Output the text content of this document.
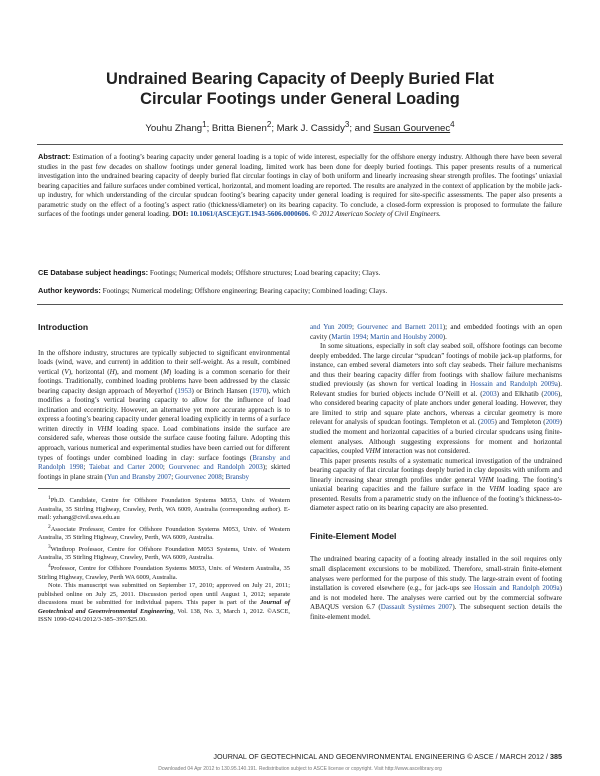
Undrained Bearing Capacity of Deeply Buried Flat
Circular Footings under General Loading
Youhu Zhang$^1$; Britta Bienen$^2$; Mark J. Cassidy$^3$; and Susan Gourvenec$^4$
Abstract: Estimation of a footing’s bearing capacity under general loading is a topic of wide interest, especially for the offshore energy industry. Although there have been several studies in the past few decades on shallow footings under general loading, limited work has been done for deeply buried footings. This paper presents results of a numerical investigation into the undrained bearing capacity of deeply buried flat circular footings in clay of both uniform and linearly increasing shear strength profiles. The footings’ uniaxial bearing capacities and failure surfaces under combined vertical, horizontal, and moment loading are reported. The results are analyzed in the context of application by the mobile jack-up industry, for which understanding of the circular spudcan footing’s bearing capacity under general loading is required for site-specific assessments. The paper also presents a parametric study on the effect of a footing’s aspect ratio (thickness/diameter) on its bearing capacity. To conclude, a closed-form expression is proposed to formulate the failure surfaces of the footings under general loading. DOI: 10.1061/(ASCE)GT.1943-5606.0000606. © 2012 American Society of Civil Engineers.
CE Database subject headings: Footings; Numerical models; Offshore structures; Load bearing capacity; Clays.
Author keywords: Footings; Numerical modeling; Offshore engineering; Bearing capacity; Combined loading; Clays.
Introduction

In the offshore industry, structures are typically subjected to significant environmental loads (wind, wave, and current) in addition to their self-weight. As a result, combined vertical (V), horizontal (H), and moment (M) loading is a common scenario for their footings. Traditionally, combined loading problems have been addressed by the classic bearing capacity design approach of Meyerhof (1953) or Brinch Hansen (1970), which modifies a footing’s vertical bearing capacity to allow for the influence of load inclination and eccentricity. However, an alternative yet more accurate approach is to express a footing’s bearing capacity under general loading explicitly in terms of a surface written directly in VHM loading space. Load combinations inside the surface are considered safe, whereas those outside the surface cause footing failure. Adopting this approach, various numerical and experimental studies have been carried out for different types of footings under combined loading in clay: surface footings (Bransby and Randolph 1998; Taiebat and Carter 2000; Gourvenec and Randolph 2003); skirted footings in plane strain (Yun and Bransby 2007; Gourvenec 2008; Bransby

$^1$Ph.D. Candidate, Centre for Offshore Foundation Systems M053, Univ. of Western Australia, 35 Stirling Highway, Crawley, Perth, WA 6009, Australia (corresponding author). E-mail: yzhang@civil.uwa.edu.au

$^2$Associate Professor, Centre for Offshore Foundation Systems M053, Univ. of Western Australia, 35 Stirling Highway, Crawley, Perth, WA 6009, Australia.

$^3$Winthrop Professor, Centre for Offshore Foundation M053 Systems, Univ. of Western Australia, 35 Stirling Highway, Crawley, Perth, WA 6009, Australia.

$^4$Professor, Centre for Offshore Foundation Systems M053, Univ. of Western Australia, 35 Stirling Highway, Crawley, Perth WA 6009, Australia.

Note. This manuscript was submitted on September 17, 2010; approved on July 21, 2011; published online on July 25, 2011. Discussion period open until August 1, 2012; separate discussions must be submitted for individual papers. This paper is part of the Journal of Geotechnical and Geoenvironmental Engineering, Vol. 138, No. 3, March 1, 2012. ©ASCE, ISSN 1090-0241/2012/3-385–397/$25.00.

and Yun 2009; Gourvenec and Barnett 2011); and embedded footings with an open cavity (Martin 1994; Martin and Houlsby 2000).

In some situations, especially in soft clay seabed soil, offshore footings can become deeply embedded. The large circular “spudcan” footings of mobile jack-up platforms, for instance, can embed several diameters into soft clay seabeds. Their failure mechanisms and thus their bearing capacity differ from footings with shallow failure mechanisms studied previously (as shown for vertical loading in Hossain and Randolph 2009a). Relevant studies for buried objects include O’Neill et al. (2003) and Elkhatib (2006), who considered bearing capacity of plate anchors under general loading. However, they are limited to strip and square plate anchors, whereas a circular geometry is more relevant for analysis of spudcan footings. Templeton et al. (2005) and Templeton (2009) studied the moment and horizontal capacities of a buried circular spudcans using finite-element analyses. Although suggesting expressions for moment and horizontal capacities, coupled VHM interaction was not considered.

This paper presents results of a systematic numerical investigation of the undrained bearing capacity of flat circular footings deeply buried in clay deposits with uniform and linearly increasing shear strength profiles under general VHM loading. The footing’s uniaxial bearing capacities and the failure surface in the VHM loading space are presented. Results from a parametric study on the influence of the footing’s thickness-to-diameter aspect ratio on its bearing capacity are also presented.

Finite-Element Model

The undrained bearing capacity of a footing already installed in the soil requires only small displacement excursions to be mobilized. Therefore, small-strain finite-element analyses were performed for the purpose of this study. The large-strain event of footing installation is covered elsewhere (e.g., for jack-ups see Hossain and Randolph 2009a) and is not modeled here. The analyses were carried out by the commercial software ABAQUS version 6.7 (Dassault Systèmes 2007). The subsequent section details the finite-element model.

JOURNAL OF GEOTECHNICAL AND GEOENVIRONMENTAL ENGINEERING © ASCE / MARCH 2012 / 385
Downloaded 04 Apr 2012 to 130.95.140.191. Redistribution subject to ASCE license or copyright. Visit http://www.ascelibrary.org
